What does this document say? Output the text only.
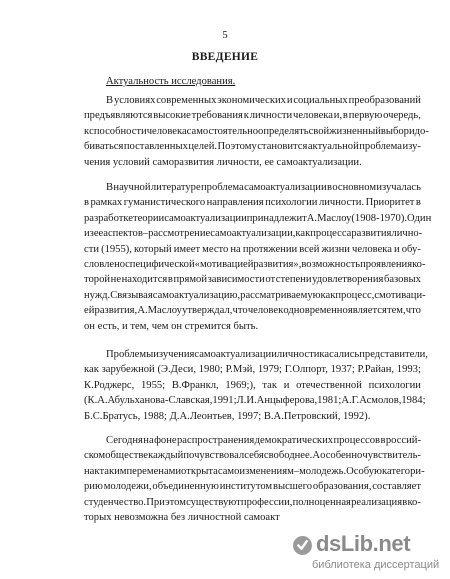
5
ВВЕДЕНИЕ
Актуальность исследования.
В условиях современных экономических и социальных преобразований
предъявляются высокие требования к личности человека и, в первую очередь,
к способности человека самостоятельно определять свой жизненный выбор и до-
биваться поставленных целей. Поэтому становится актуальной проблема изу-
чения условий саморазвития личности, ее самоактуализации.
В научной литературе проблема самоактуализации в основном изучалась
в рамках гуманистического направления психологии личности. Приоритет в
разработке теории самоактуализации принадлежит А.Маслоу (1908-1970). Один
из ее аспектов – рассмотрение самоактуализации, как процесса развития лично-
сти (1955), который имеет место на протяжении всей жизни человека и обу-
словлено специфической «мотивацией развития», возможность проявления ко-
торой не находится в прямой зависимости от степени удовлетворения базовых
нужд. Связывая самоактуализацию, рассматриваемую как процесс, с мотиваци-
ей развития, А.Маслоу утверждал, что человек одновременно является тем, что
он есть, и тем, чем он стремится быть.
Проблемы изучения самоактуализации личности касались представители,
как зарубежной (Э.Деси, 1980; Р.Мэй, 1979; Г.Олпорт, 1937; Р.Райан, 1993;
К.Роджерс, 1955; В.Франкл, 1969;), так и отечественной психологии
(К.А.Абульханова-Славская,1991; Л.И.Анцыферова, 1981; А.Г.Асмолов, 1984;
Б.С.Братусь, 1988; Д.А.Леонтьев, 1997; В.А.Петровский, 1992).
Сегодня на фоне распространения демократических процессов в россий-
ском обществе каждый почувствовал себя свободнее. А особенно чувствитель-
на к таким переменам и открыта самоизменениям – молодежь. Особую категори-
рию молодежи, объединенную институтом высшего образования, составляет
студенчество. При этом существуют профессии, полноценная реализация в ко-
торых невозможна без личностной самоакт
dsLib.net
библиотека диссертаций
